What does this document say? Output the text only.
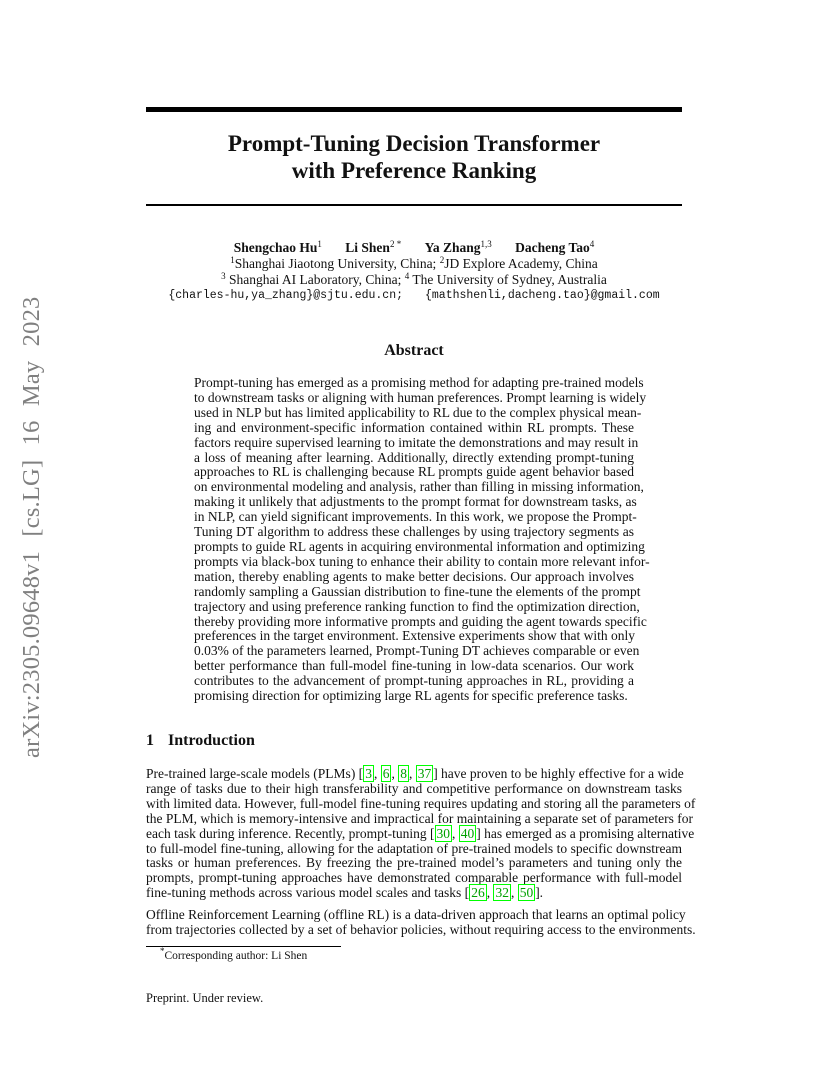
arXiv:2305.09648v1 [cs.LG] 16 May 2023
Prompt-Tuning Decision Transformer
with Preference Ranking
Shengchao Hu$^1$ Li Shen$^{2 *}$ Ya Zhang$^{1,3}$ Dacheng Tao$^4$
$^1$Shanghai Jiaotong University, China; $^2$JD Explore Academy, China
$^3$ Shanghai AI Laboratory, China; $^4$ The University of Sydney, Australia
{charles-hu,ya_zhang}@sjtu.edu.cn; {mathshenli,dacheng.tao}@gmail.com
Abstract
Prompt-tuning has emerged as a promising method for adapting pre-trained models
to downstream tasks or aligning with human preferences. Prompt learning is widely
used in NLP but has limited applicability to RL due to the complex physical mean-
ing and environment-specific information contained within RL prompts. These
factors require supervised learning to imitate the demonstrations and may result in
a loss of meaning after learning. Additionally, directly extending prompt-tuning
approaches to RL is challenging because RL prompts guide agent behavior based
on environmental modeling and analysis, rather than filling in missing information,
making it unlikely that adjustments to the prompt format for downstream tasks, as
in NLP, can yield significant improvements. In this work, we propose the Prompt-
Tuning DT algorithm to address these challenges by using trajectory segments as
prompts to guide RL agents in acquiring environmental information and optimizing
prompts via black-box tuning to enhance their ability to contain more relevant infor-
mation, thereby enabling agents to make better decisions. Our approach involves
randomly sampling a Gaussian distribution to fine-tune the elements of the prompt
trajectory and using preference ranking function to find the optimization direction,
thereby providing more informative prompts and guiding the agent towards specific
preferences in the target environment. Extensive experiments show that with only
0.03% of the parameters learned, Prompt-Tuning DT achieves comparable or even
better performance than full-model fine-tuning in low-data scenarios. Our work
contributes to the advancement of prompt-tuning approaches in RL, providing a
promising direction for optimizing large RL agents for specific preference tasks.
1 Introduction
Pre-trained large-scale models (PLMs) [ 3 , 6 , 8 , 37 ] have proven to be highly effective for a wide
range of tasks due to their high transferability and competitive performance on downstream tasks
with limited data. However, full-model fine-tuning requires updating and storing all the parameters of
the PLM, which is memory-intensive and impractical for maintaining a separate set of parameters for
each task during inference. Recently, prompt-tuning [ 30 , 40 ] has emerged as a promising alternative
to full-model fine-tuning, allowing for the adaptation of pre-trained models to specific downstream
tasks or human preferences. By freezing the pre-trained model’s parameters and tuning only the
prompts, prompt-tuning approaches have demonstrated comparable performance with full-model
fine-tuning methods across various model scales and tasks [ 26 , 32 , 50 ].
Offline Reinforcement Learning (offline RL) is a data-driven approach that learns an optimal policy
from trajectories collected by a set of behavior policies, without requiring access to the environments.
*Corresponding author: Li Shen
Preprint. Under review.
